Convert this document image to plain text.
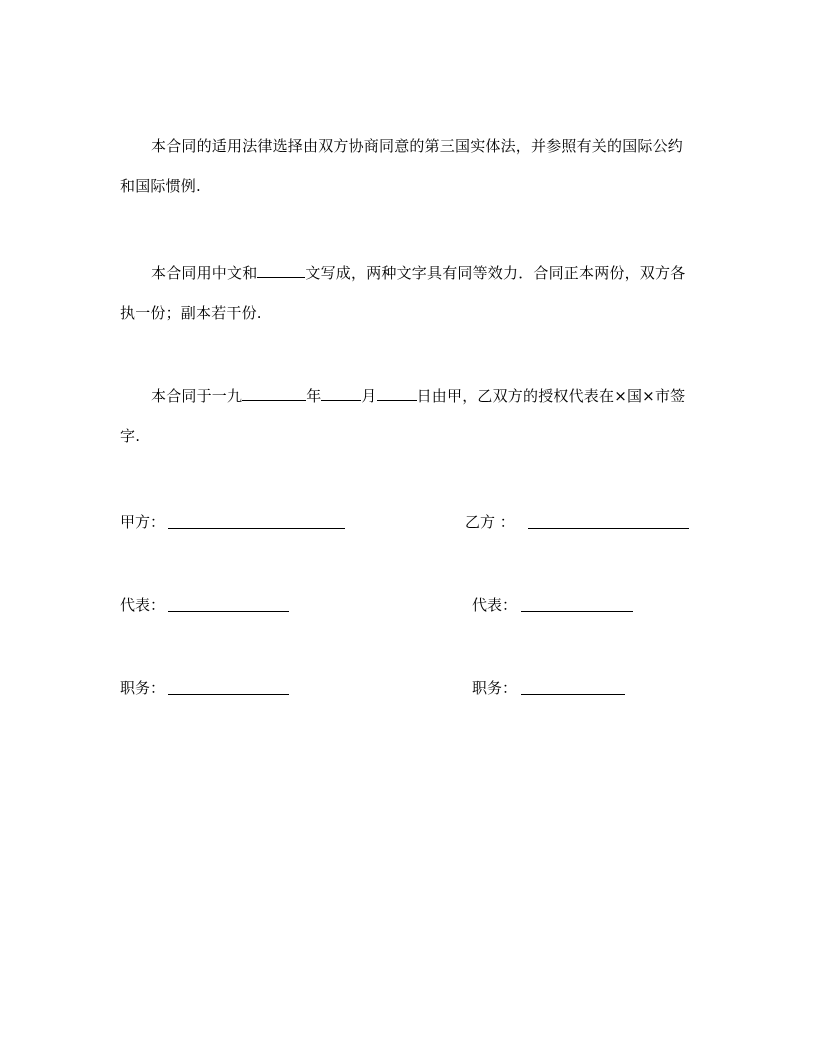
本合同的适用法律选择由双方协商同意的第三国实体法，并参照有关的国际公约和国际惯例.
本合同用中文和	文写成，两种文字具有同等效力．合同正本两份，双方各执一份；副本若干份.
本合同于一九	年	月	日由甲，乙双方的授权代表在×国×市签字.
甲方：	乙方 ：
代表：	代表：
职务：	职务：
